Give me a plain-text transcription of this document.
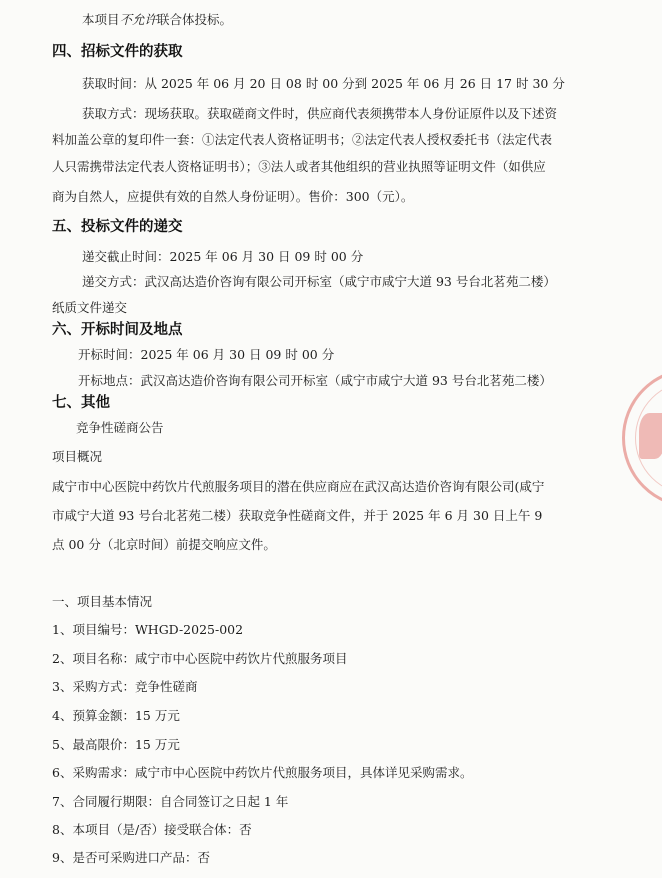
本项目不允许联合体投标。
四、招标文件的获取
获取时间：从 2025 年 06 月 20 日 08 时 00 分到 2025 年 06 月 26 日 17 时 30 分
获取方式：现场获取。获取磋商文件时，供应商代表须携带本人身份证原件以及下述资
料加盖公章的复印件一套：①法定代表人资格证明书；②法定代表人授权委托书（法定代表
人只需携带法定代表人资格证明书）；③法人或者其他组织的营业执照等证明文件（如供应
商为自然人，应提供有效的自然人身份证明）。售价：300（元）。
五、投标文件的递交
递交截止时间：2025 年 06 月 30 日 09 时 00 分
递交方式：武汉高达造价咨询有限公司开标室（咸宁市咸宁大道 93 号台北茗苑二楼）
纸质文件递交
六、开标时间及地点
开标时间：2025 年 06 月 30 日 09 时 00 分
开标地点：武汉高达造价咨询有限公司开标室（咸宁市咸宁大道 93 号台北茗苑二楼）
七、其他
竞争性磋商公告
项目概况
咸宁市中心医院中药饮片代煎服务项目的潜在供应商应在武汉高达造价咨询有限公司(咸宁
市咸宁大道 93 号台北茗苑二楼）获取竞争性磋商文件，并于 2025 年 6 月 30 日上午 9
点 00 分（北京时间）前提交响应文件。
一、项目基本情况
1、项目编号：WHGD-2025-002
2、项目名称：咸宁市中心医院中药饮片代煎服务项目
3、采购方式：竞争性磋商
4、预算金额：15 万元
5、最高限价：15 万元
6、采购需求：咸宁市中心医院中药饮片代煎服务项目，具体详见采购需求。
7、合同履行期限：自合同签订之日起 1 年
8、本项目（是/否）接受联合体：否
9、是否可采购进口产品：否
